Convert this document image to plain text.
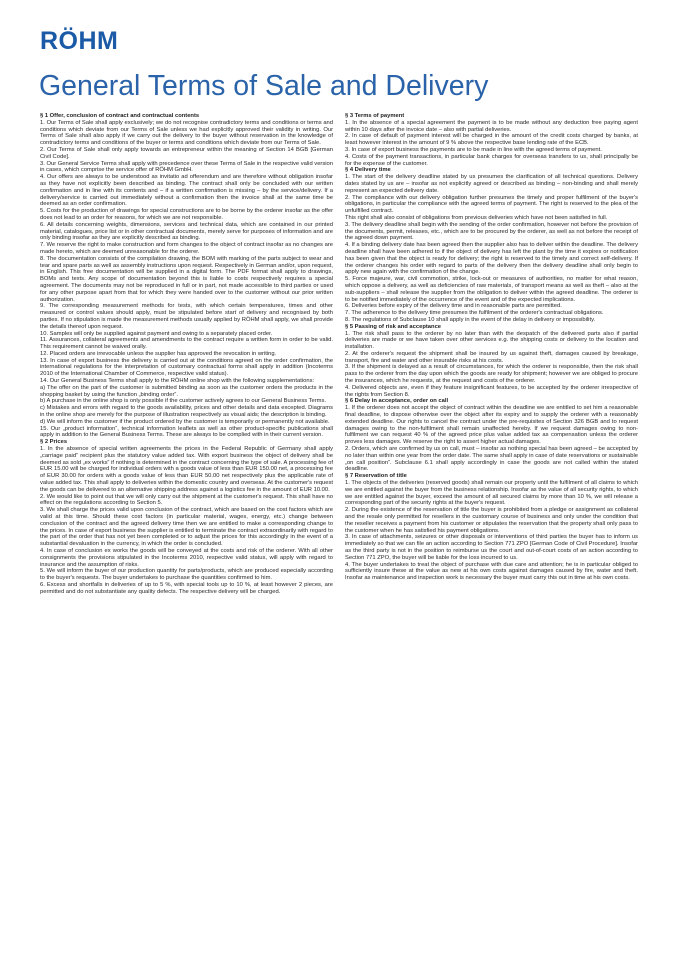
RÖHM
General Terms of Sale and Delivery
§ 1 Offer, conclusion of contract and contractual contents

1. Our Terms of Sale shall apply exclusively; we do not recognise contradictory terms and conditions or terms and conditions which deviate from our Terms of Sale unless we had explicitly approved their validity in writing. Our Terms of Sale shall also apply if we carry out the delivery to the buyer without reservation in the knowledge of contradictory terms and conditions of the buyer or terms and conditions which deviate from our Terms of Sale.

2. Our Terms of Sale shall only apply towards an entrepreneur within the meaning of Section 14 BGB [German Civil Code].

3. Our General Service Terms shall apply with precedence over these Terms of Sale in the respective valid version in cases, which comprise the service offer of RÖHM GmbH.

4. Our offers are always to be understood as invitatio ad offerendum and are therefore without obligation insofar as they have not explicitly been described as binding. The contract shall only be concluded with our written confirmation and in line with its contents and – if a written confirmation is missing – by the service/delivery. If a delivery/service is carried out immediately without a confirmation then the invoice shall at the same time be deemed as an order confirmation.

5. Costs for the production of drawings for special constructions are to be borne by the orderer insofar as the offer does not lead to an order for reasons, for which we are not responsible.

6. All details concerning weights, dimensions, services and technical data, which are contained in our printed material, catalogues, price list or in other contractual documents, merely serve for purposes of information and are only binding insofar as they are explicitly described as binding.

7. We reserve the right to make construction and form changes to the object of contract insofar as no changes are made hereto, which are deemed unreasonable for the orderer.

8. The documentation consists of the compilation drawing, the BOM with marking of the parts subject to wear and tear and spare parts as well as assembly instructions upon request. Respectively in German and/or, upon request, in English. This free documentation will be supplied in a digital form. The PDF format shall apply to drawings, BOMs and texts. Any scope of documentation beyond this is liable to costs respectively requires a special agreement. The documents may not be reproduced in full or in part, not made accessible to third parties or used for any other purpose apart from that for which they were handed over to the customer without our prior written authorization.

9. The corresponding measurement methods for tests, with which certain temperatures, times and other measured or control values should apply, must be stipulated before start of delivery and recognised by both parties. If no stipulation is made the measurement methods usually applied by RÖHM shall apply, we shall provide the details thereof upon request.

10. Samples will only be supplied against payment and owing to a separately placed order.

11. Assurances, collateral agreements and amendments to the contract require a written form in order to be valid. This requirement cannot be waived orally.

12. Placed orders are irrevocable unless the supplier has approved the revocation in writing.

13. In case of export business the delivery is carried out at the conditions agreed on the order confirmation, the international regulations for the interpretation of customary contractual forms shall apply in addition (Incoterms 2010 of the International Chamber of Commerce, respective valid status).

14. Our General Business Terms shall apply to the RÖHM online shop with the following supplementations:

a) The offer on the part of the customer is submitted binding as soon as the customer orders the products in the shopping basket by using the function „binding order“.

b) A purchase in the online shop is only possible if the customer actively agrees to our General Business Terms.

c) Mistakes and errors with regard to the goods availability, prices and other details and data excepted. Diagrams in the online shop are merely for the purpose of illustration respectively as visual aids; the description is binding.

d) We will inform the customer if the product ordered by the customer is temporarily or permanently not available.

15. Our „product information“, technical information leaflets as well as other product-specific publications shall apply in addition to the General Business Terms. These are always to be complied with in their current version.

§ 2 Prices

1. In the absence of special written agreements the prices in the Federal Republic of Germany shall apply „carriage paid“ recipient plus the statutory value added tax. With export business the object of delivery shall be deemed as sold „ex works“ if nothing is determined in the contract concerning the type of sale. A processing fee of EUR 15.00 will be charged for individual orders with a goods value of less than EUR 150.00 net, a processing fee of EUR 30.00 for orders with a goods value of less than EUR 50.00 net respectively plus the applicable rate of value added tax. This shall apply to deliveries within the domestic country and overseas. At the customer's request the goods can be delivered to an alternative shipping address against a logistics fee in the amount of EUR 10.00.

2. We would like to point out that we will only carry out the shipment at the customer's request. This shall have no effect on the regulations according to Section 5.

3. We shall charge the prices valid upon conclusion of the contract, which are based on the cost factors which are valid at this time. Should these cost factors (in particular material, wages, energy, etc.) change between conclusion of the contract and the agreed delivery time then we are entitled to make a corresponding change to the prices. In case of export business the supplier is entitled to terminate the contract extraordinarily with regard to the part of the order that has not yet been completed or to adjust the prices for this accordingly in the event of a substantial devaluation in the currency, in which the order is concluded.

4. In case of conclusion ex works the goods will be conveyed at the costs and risk of the orderer. With all other consignments the provisions stipulated in the Incoterms 2010, respective valid status, will apply with regard to insurance and the assumption of risks.

5. We will inform the buyer of our production quantity for parts/products, which are produced especially according to the buyer's requests. The buyer undertakes to purchase the quantities confirmed to him.

6. Excess and shortfalls in deliveries of up to 5 %, with special tools up to 10 %, at least however 2 pieces, are permitted and do not substantiate any quality defects. The respective delivery will be charged.

§ 3 Terms of payment

1. In the absence of a special agreement the payment is to be made without any deduction free paying agent within 10 days after the invoice date – also with partial deliveries.

2. In case of default of payment interest will be charged in the amount of the credit costs charged by banks, at least however interest in the amount of 9 % above the respective base lending rate of the ECB.

3. In case of export business the payments are to be made in line with the agreed terms of payment.

4. Costs of the payment transactions, in particular bank charges for overseas transfers to us, shall principally be for the expense of the customer.

§ 4 Delivery time

1. The start of the delivery deadline stated by us presumes the clarification of all technical questions. Delivery dates stated by us are – insofar as not explicitly agreed or described as binding – non-binding and shall merely represent an expected delivery date.

2. The compliance with our delivery obligation further presumes the timely and proper fulfilment of the buyer's obligations, in particular the compliance with the agreed terms of payment. The right is reserved to the plea of the unfulfilled contract.

This right shall also consist of obligations from previous deliveries which have not been satisfied in full.

3. The delivery deadline shall begin with the sending of the order confirmation, however not before the provision of the documents, permit, releases, etc., which are to be procured by the orderer, as well as not before the receipt of the agreed down payment.

4. If a binding delivery date has been agreed then the supplier also has to deliver within the deadline. The delivery deadline shall have been adhered to if the object of delivery has left the plant by the time it expires or notification has been given that the object is ready for delivery; the right is reserved to the timely and correct self-delivery. If the orderer changes his order with regard to parts of the delivery then the delivery deadline shall only begin to apply new again with the confirmation of the change.

5. Force majeure, war, civil commotion, strike, lock-out or measures of authorities, no matter for what reason, which oppose a delivery, as well as deficiencies of raw materials, of transport means as well as theft – also at the sub-suppliers – shall release the supplier from the obligation to deliver within the agreed deadline. The orderer is to be notified immediately of the occurrence of the event and of the expected implications.

6. Deliveries before expiry of the delivery time and in reasonable parts are permitted.

7. The adherence to the delivery time presumes the fulfilment of the orderer's contractual obligations.

8. The regulations of Subclause 10 shall apply in the event of the delay in delivery or impossibility.

§ 5 Passing of risk and acceptance

1. The risk shall pass to the orderer by no later than with the despatch of the delivered parts also if partial deliveries are made or we have taken over other services e.g. the shipping costs or delivery to the location and installation.

2. At the orderer's request the shipment shall be insured by us against theft, damages caused by breakage, transport, fire and water and other insurable risks at his costs.

3. If the shipment is delayed as a result of circumstances, for which the orderer is responsible, then the risk shall pass to the orderer from the day upon which the goods are ready for shipment; however we are obliged to procure the insurances, which he requests, at the request and costs of the orderer.

4. Delivered objects are, even if they feature insignificant features, to be accepted by the orderer irrespective of the rights from Section 8.

§ 6 Delay in acceptance, order on call

1. If the orderer does not accept the object of contract within the deadline we are entitled to set him a reasonable final deadline, to dispose otherwise over the object after its expiry and to supply the orderer with a reasonably extended deadline. Our rights to cancel the contract under the pre-requisites of Section 326 BGB and to request damages owing to the non-fulfilment shall remain unaffected hereby. If we request damages owing to non-fulfilment we can request 40 % of the agreed price plus value added tax as compensation unless the orderer proves less damages. We reserve the right to assert higher actual damages.

2. Orders, which are confirmed by us on call, must – insofar as nothing special has been agreed – be accepted by no later than within one year from the order date. The same shall apply in case of date reservations or sustainable „on call position“. Subclause 6.1 shall apply accordingly in case the goods are not called within the stated deadline.

§ 7 Reservation of title

1. The objects of the deliveries (reserved goods) shall remain our property until the fulfilment of all claims to which we are entitled against the buyer from the business relationship. Insofar as the value of all security rights, to which we are entitled against the buyer, exceed the amount of all secured claims by more than 10 %, we will release a corresponding part of the security rights at the buyer's request.

2. During the existence of the reservation of title the buyer is prohibited from a pledge or assignment as collateral and the resale only permitted for resellers in the customary course of business and only under the condition that the reseller receives a payment from his customer or stipulates the reservation that the property shall only pass to the customer when he has satisfied his payment obligations.

3. In case of attachments, seizures or other disposals or interventions of third parties the buyer has to inform us immediately so that we can file an action according to Section 771 ZPO [German Code of Civil Procedure]. Insofar as the third party is not in the position to reimburse us the court and out-of-court costs of an action according to Section 771 ZPO, the buyer will be liable for the loss incurred to us.

4. The buyer undertakes to treat the object of purchase with due care and attention; he is in particular obliged to sufficiently insure these at the value as new at his own costs against damages caused by fire, water and theft. Insofar as maintenance and inspection work is necessary the buyer must carry this out in time at his own costs.
